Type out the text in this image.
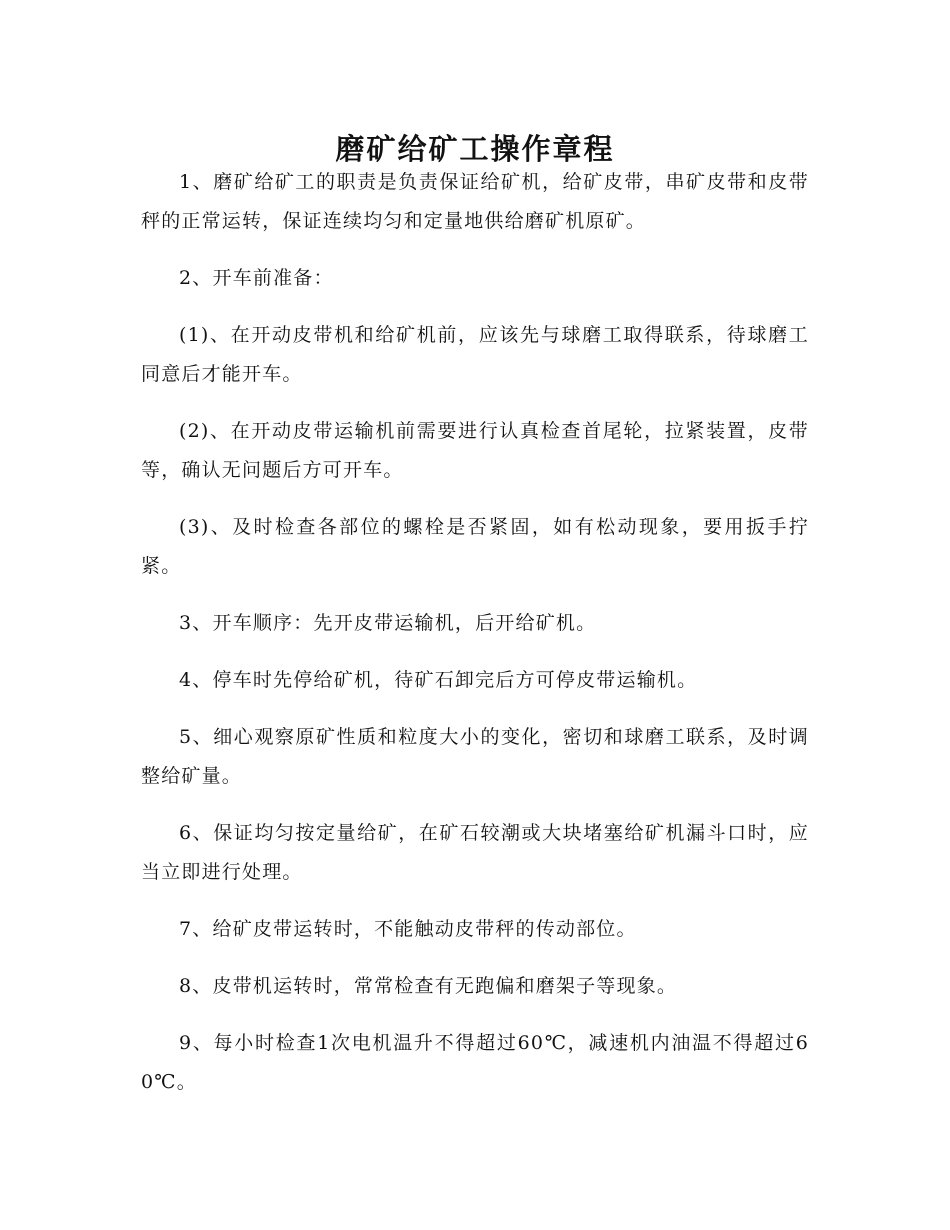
磨矿给矿工操作章程

1、磨矿给矿工的职责是负责保证给矿机，给矿皮带，串矿皮带和皮带秤的正常运转，保证连续均匀和定量地供给磨矿机原矿。

2、开车前准备：

(1)、在开动皮带机和给矿机前，应该先与球磨工取得联系，待球磨工同意后才能开车。

(2)、在开动皮带运输机前需要进行认真检查首尾轮，拉紧装置，皮带等，确认无问题后方可开车。

(3)、及时检查各部位的螺栓是否紧固，如有松动现象，要用扳手拧紧。

3、开车顺序：先开皮带运输机，后开给矿机。

4、停车时先停给矿机，待矿石卸完后方可停皮带运输机。

5、细心观察原矿性质和粒度大小的变化，密切和球磨工联系，及时调整给矿量。

6、保证均匀按定量给矿，在矿石较潮或大块堵塞给矿机漏斗口时，应当立即进行处理。

7、给矿皮带运转时，不能触动皮带秤的传动部位。

8、皮带机运转时，常常检查有无跑偏和磨架子等现象。

9、每小时检查1次电机温升不得超过60℃，减速机内油温不得超过60℃。
